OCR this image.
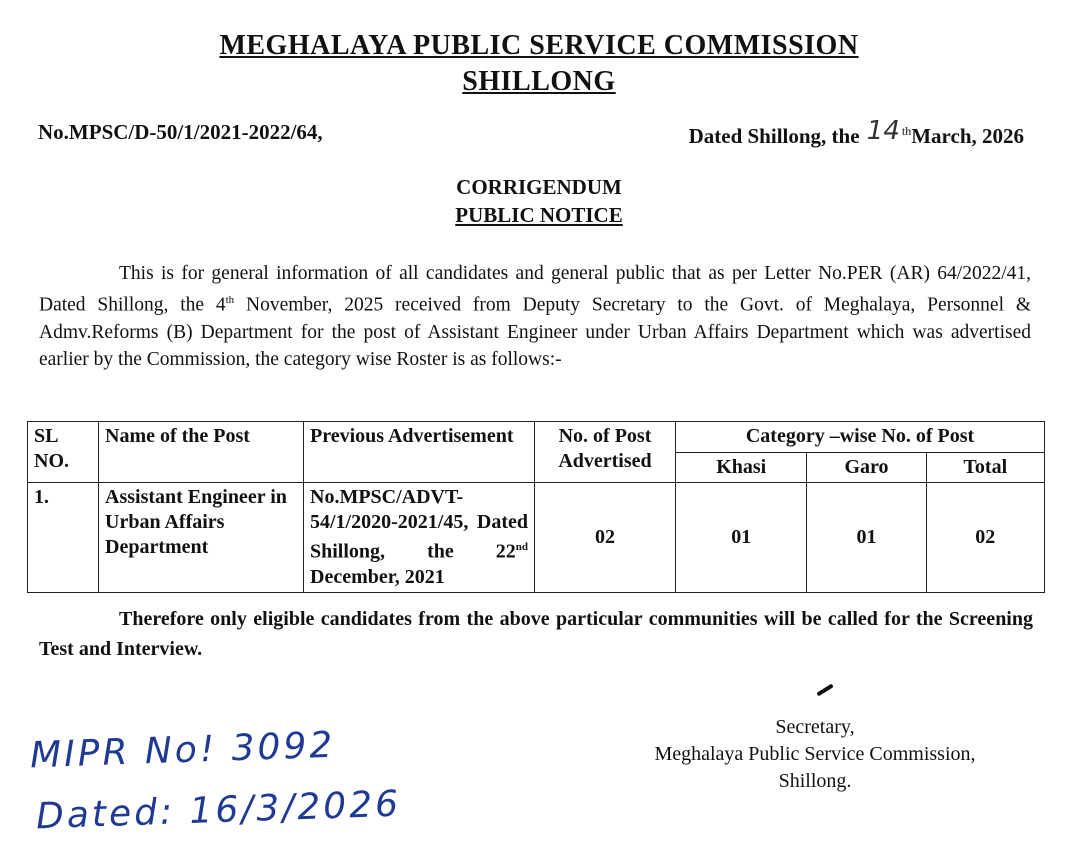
MEGHALAYA PUBLIC SERVICE COMMISSION
SHILLONG
No.MPSC/D-50/1/2021-2022/64,	Dated Shillong, the 14 $^{th}$March, 2026
CORRIGENDUM
PUBLIC NOTICE
This is for general information of all candidates and general public that as per Letter No.PER (AR) 64/2022/41, Dated Shillong, the 4th November, 2025 received from Deputy Secretary to the Govt. of Meghalaya, Personnel & Admv.Reforms (B) Department for the post of Assistant Engineer under Urban Affairs Department which was advertised earlier by the Commission, the category wise Roster is as follows:-
SL NO.	Name of the Post	Previous Advertisement	No. of Post Advertised	Category –wise No. of Post		
				Khasi	Garo	Total
1.	Assistant Engineer in Urban Affairs Department	No.MPSC/ADVT-54/1/2020-2021/45, Dated Shillong, the 22nd December, 2021	02	01	01	02
Therefore only eligible candidates from the above particular communities will be called for the Screening Test and Interview.
Secretary,
Meghalaya Public Service Commission,
Shillong.
MIPR No! 3092
Dated: 16/3/2026
